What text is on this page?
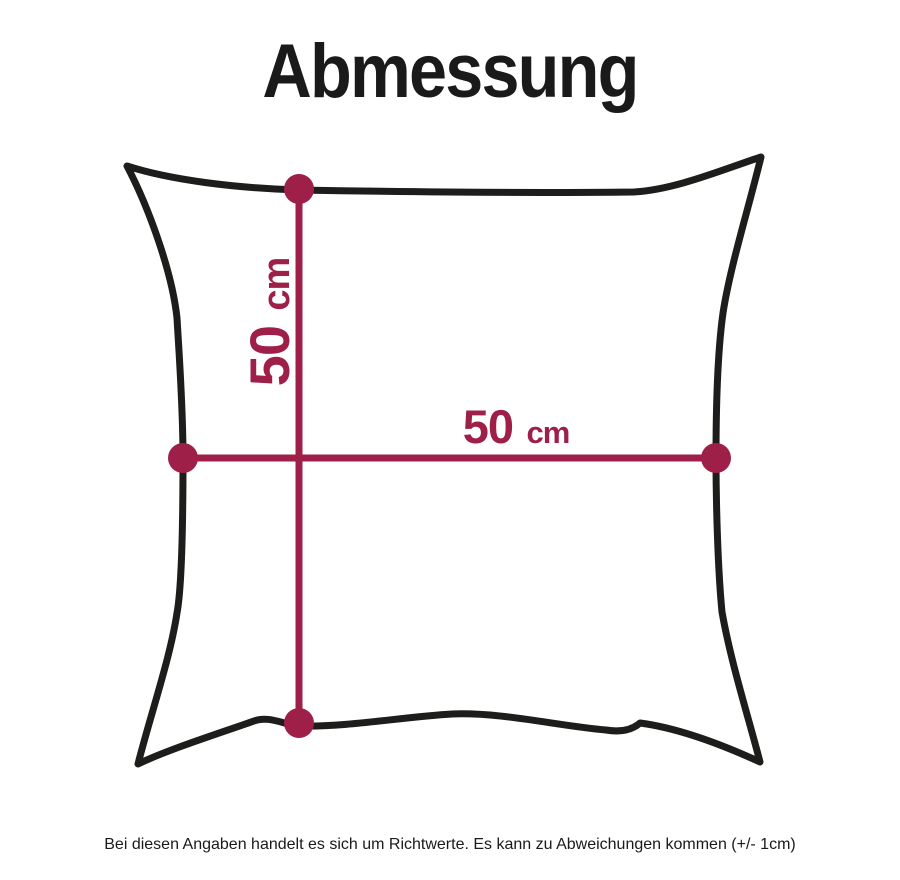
Abmessung
50 cm
50 cm

Bei diesen Angaben handelt es sich um Richtwerte. Es kann zu Abweichungen kommen (+/- 1cm)
